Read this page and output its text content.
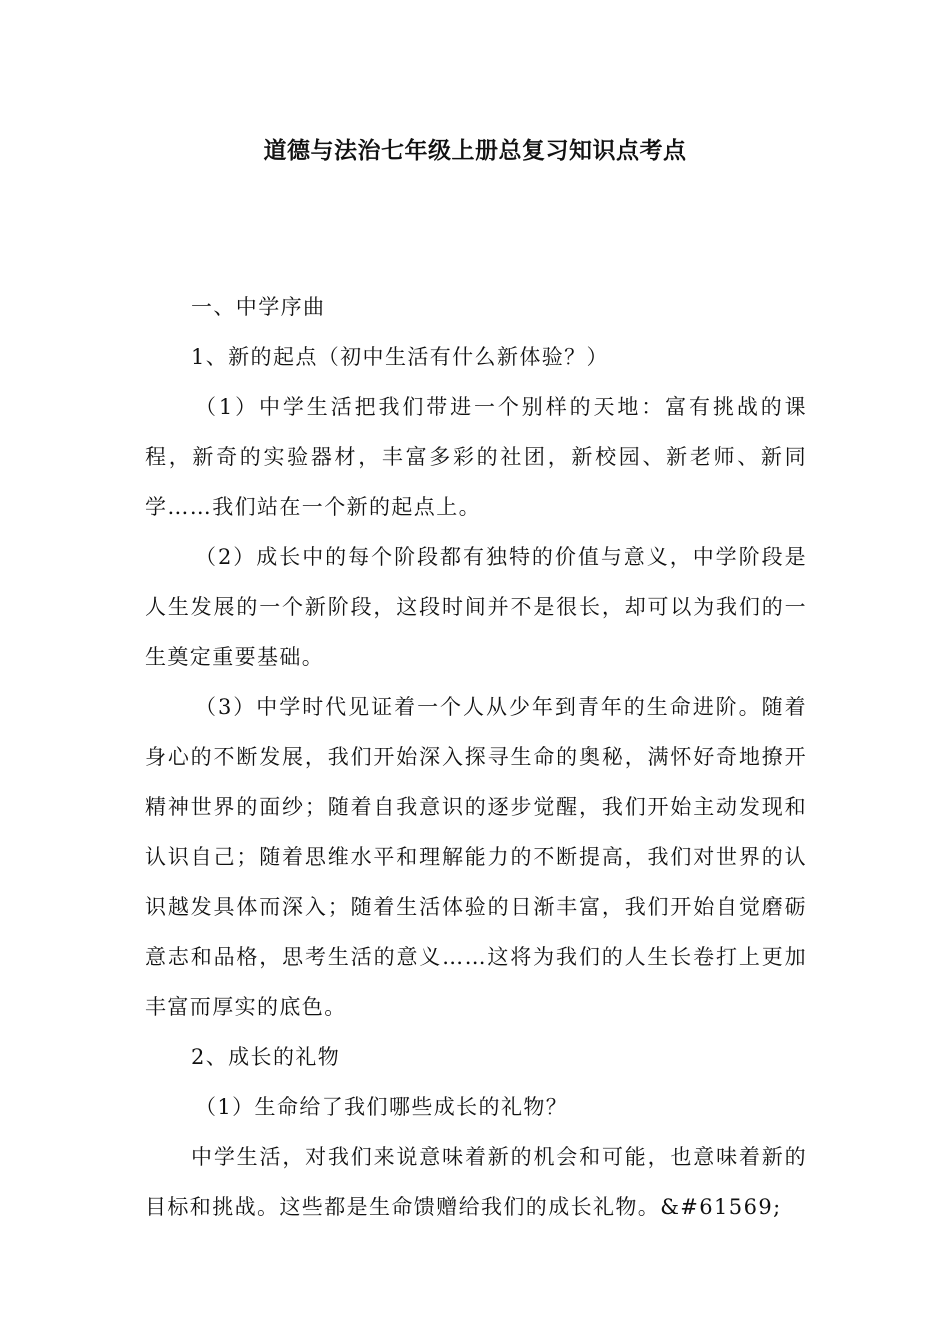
道德与法治七年级上册总复习知识点考点

一、中学序曲

1、新的起点（初中生活有什么新体验？）

（1）中学生活把我们带进一个别样的天地：富有挑战的课程，新奇的实验器材，丰富多彩的社团，新校园、新老师、新同学……我们站在一个新的起点上。

（2）成长中的每个阶段都有独特的价值与意义，中学阶段是人生发展的一个新阶段，这段时间并不是很长，却可以为我们的一生奠定重要基础。

（3）中学时代见证着一个人从少年到青年的生命进阶。随着身心的不断发展，我们开始深入探寻生命的奥秘，满怀好奇地撩开精神世界的面纱；随着自我意识的逐步觉醒，我们开始主动发现和认识自己；随着思维水平和理解能力的不断提高，我们对世界的认识越发具体而深入；随着生活体验的日渐丰富，我们开始自觉磨砺意志和品格，思考生活的意义……这将为我们的人生长卷打上更加丰富而厚实的底色。

2、成长的礼物

（1）生命给了我们哪些成长的礼物？

中学生活，对我们来说意味着新的机会和可能，也意味着新的目标和挑战。这些都是生命馈赠给我们的成长礼物。&#61569;
